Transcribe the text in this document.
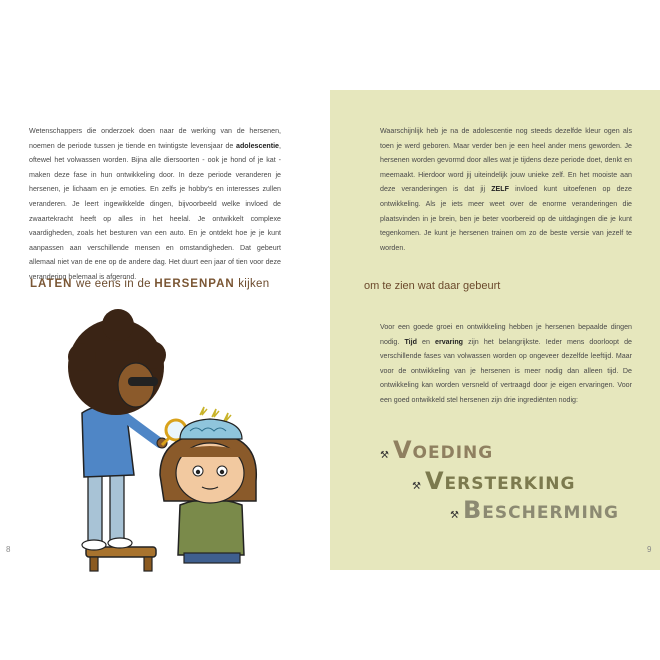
Wetenschappers die onderzoek doen naar de werking van de hersenen, noemen de periode tussen je tiende en twintigste levensjaar de adolescentie, oftewel het volwassen worden. Bijna alle diersoorten - ook je hond of je kat - maken deze fase in hun ontwikkeling door. In deze periode veranderen je hersenen, je lichaam en je emoties. En zelfs je hobby's en interesses zullen veranderen. Je leert ingewikkelde dingen, bijvoorbeeld welke invloed de zwaartekracht heeft op alles in het heelal. Je ontwikkelt complexe vaardigheden, zoals het besturen van een auto. En je ontdekt hoe je je kunt aanpassen aan verschillende mensen en omstandigheden. Dat gebeurt allemaal niet van de ene op de andere dag. Het duurt een jaar of tien voor deze verandering helemaal is afgerond.

LATEN we eens in de HERSENPAN kijken
8

Waarschijnlijk heb je na de adolescentie nog steeds dezelfde kleur ogen als toen je werd geboren. Maar verder ben je een heel ander mens geworden. Je hersenen worden gevormd door alles wat je tijdens deze periode doet, denkt en meemaakt. Hierdoor word jij uiteindelijk jouw unieke zelf. En het mooiste aan deze veranderingen is dat jij ZELF invloed kunt uitoefenen op deze ontwikkeling. Als je iets meer weet over de enorme veranderingen die plaatsvinden in je brein, ben je beter voorbereid op de uitdagingen die je kunt tegenkomen. Je kunt je hersenen trainen om zo de beste versie van jezelf te worden.

om te zien wat daar gebeurt

Voor een goede groei en ontwikkeling hebben je hersenen bepaalde dingen nodig. Tijd en ervaring zijn het belangrijkste. Ieder mens doorloopt de verschillende fases van volwassen worden op ongeveer dezelfde leeftijd. Maar voor de ontwikkeling van je hersenen is meer nodig dan alleen tijd. De ontwikkeling kan worden versneld of vertraagd door je eigen ervaringen. Voor een goed ontwikkeld stel hersenen zijn drie ingrediënten nodig:

⚒ V OEDING
⚒ V ERSTERKING
⚒ B ESCHERMING
9
